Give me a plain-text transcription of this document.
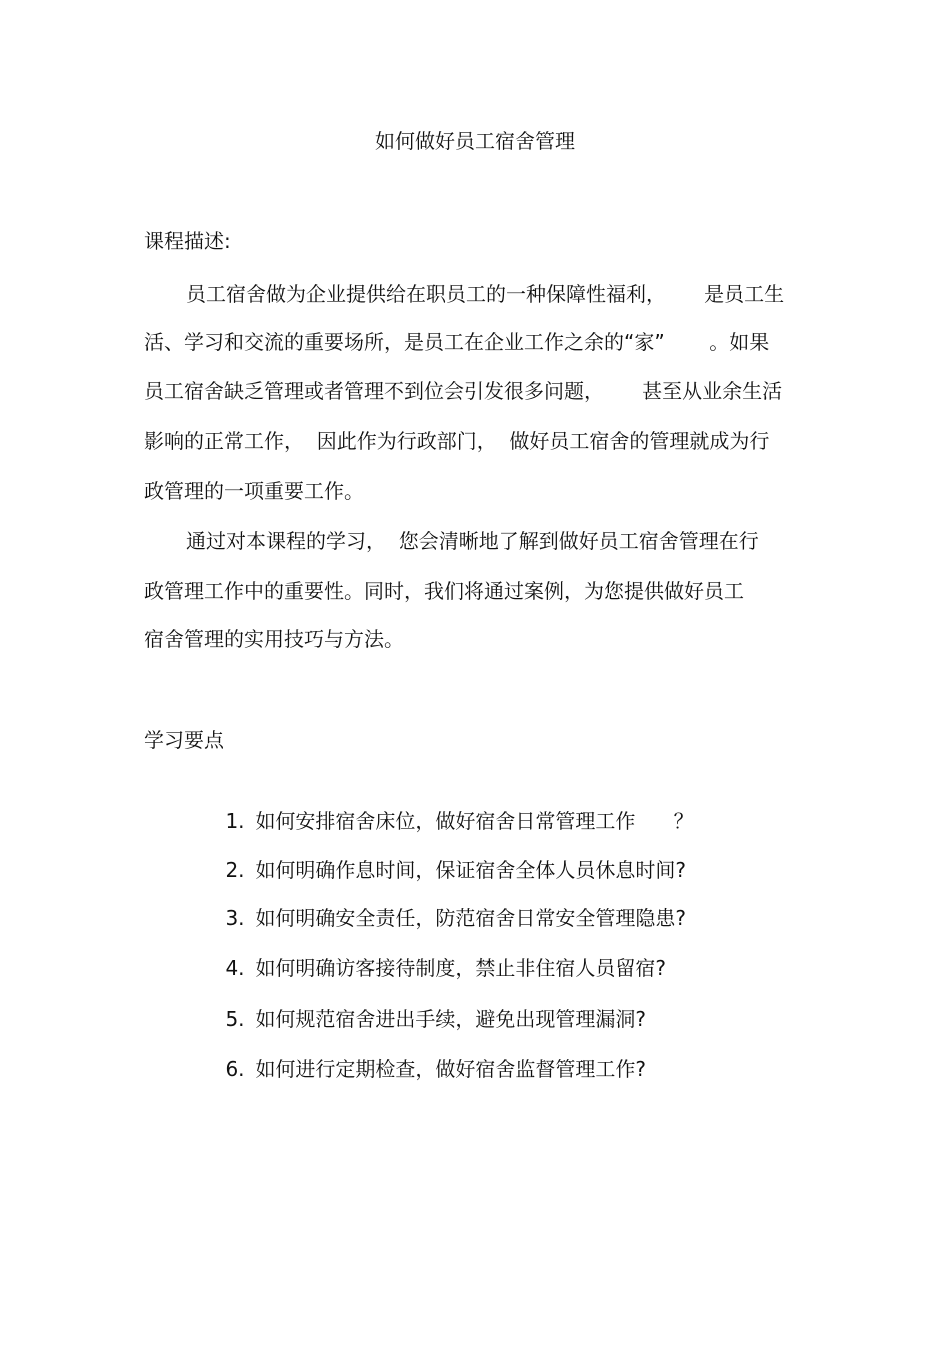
如何做好员工宿舍管理
课程描述:
员工宿舍做为企业提供给在职员工的一种保障性福利，      是员工生
活、学习和交流的重要场所，是员工在企业工作之余的“家”       。如果
员工宿舍缺乏管理或者管理不到位会引发很多问题，      甚至从业余生活
影响的正常工作，  因此作为行政部门，  做好员工宿舍的管理就成为行
政管理的一项重要工作。
通过对本课程的学习，  您会清晰地了解到做好员工宿舍管理在行
政管理工作中的重要性。同时，我们将通过案例，为您提供做好员工
宿舍管理的实用技巧与方法。
学习要点

1. 如何安排宿舍床位，做好宿舍日常管理工作      ？

2. 如何明确作息时间，保证宿舍全体人员休息时间?

3. 如何明确安全责任，防范宿舍日常安全管理隐患?

4. 如何明确访客接待制度，禁止非住宿人员留宿?

5. 如何规范宿舍进出手续，避免出现管理漏洞?

6. 如何进行定期检查，做好宿舍监督管理工作?
